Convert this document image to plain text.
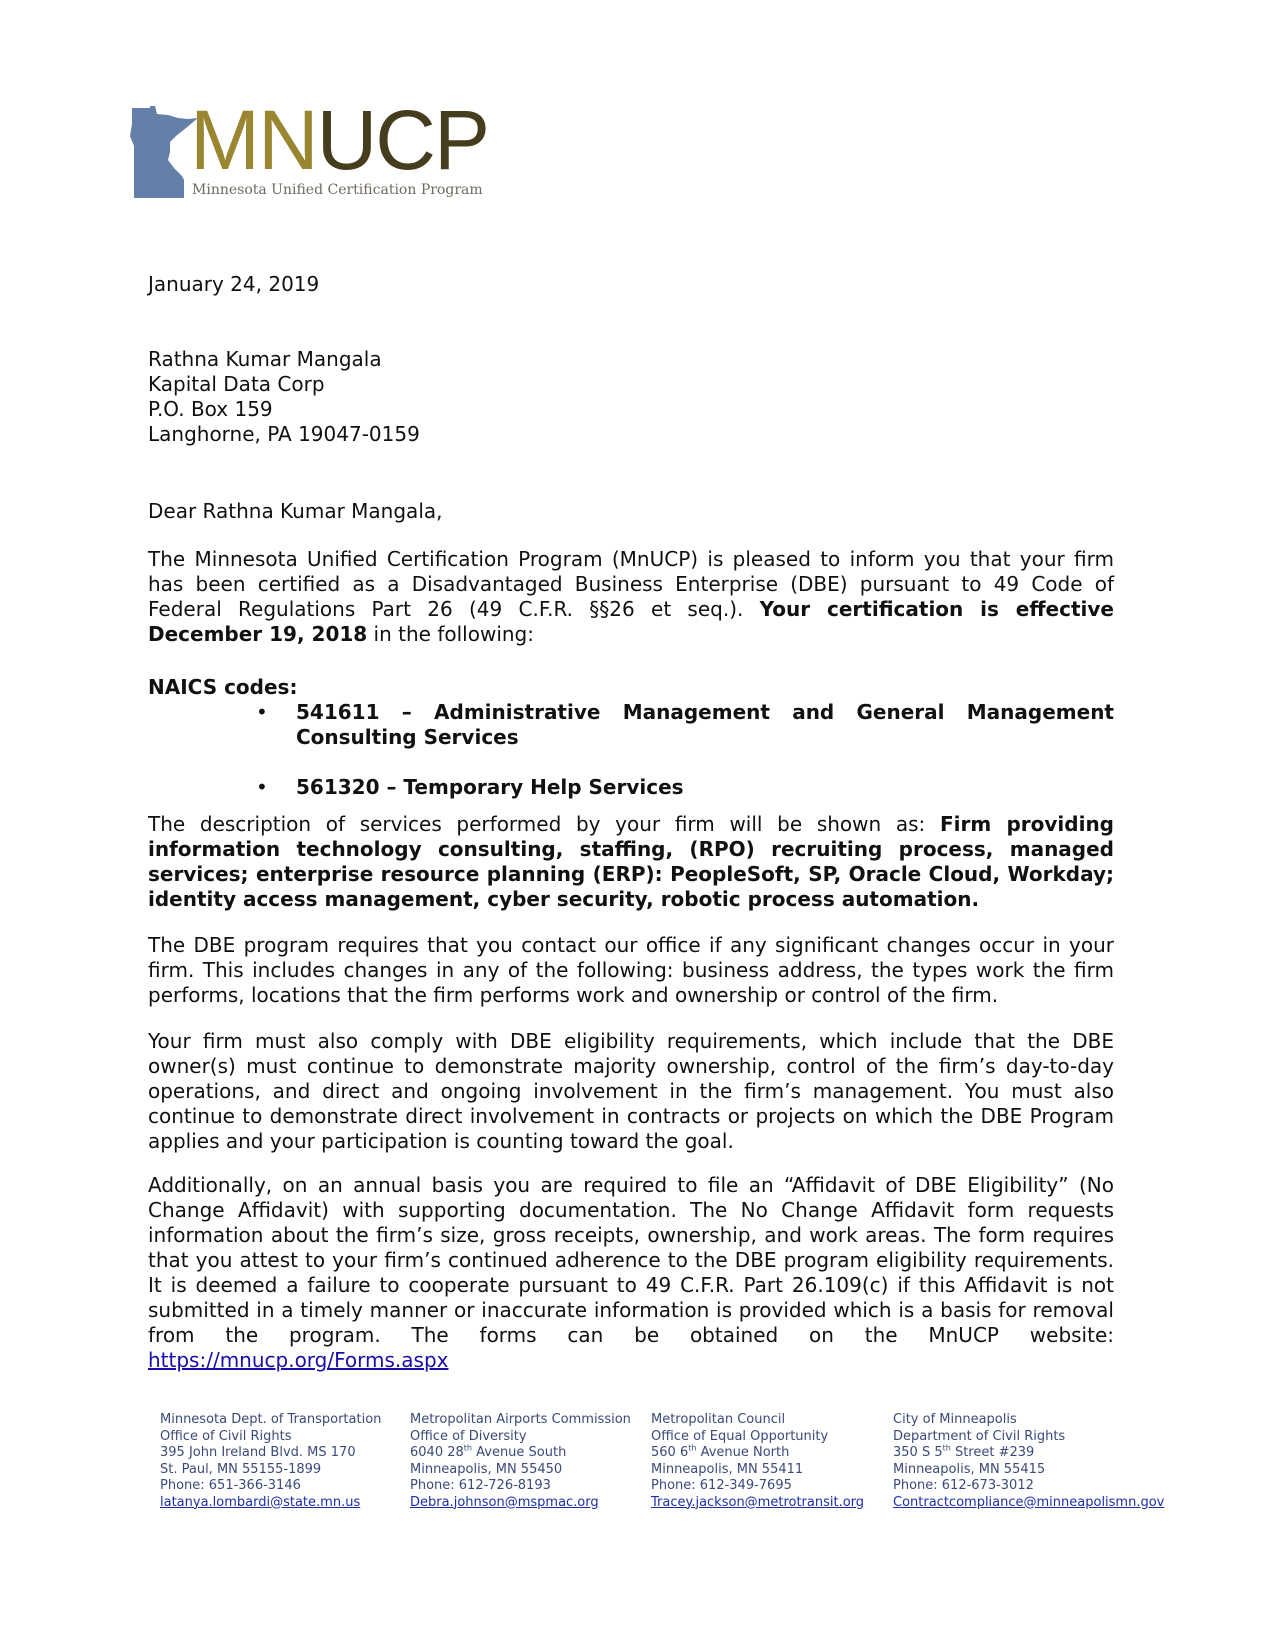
MNUCP
Minnesota Unified Certification Program
January 24, 2019
Rathna Kumar Mangala
Kapital Data Corp
P.O. Box 159
Langhorne, PA 19047-0159
Dear Rathna Kumar Mangala,
The Minnesota Unified Certification Program (MnUCP) is pleased to inform you that your firm has been certified as a Disadvantaged Business Enterprise (DBE) pursuant to 49 Code of Federal Regulations Part 26 (49 C.F.R. §§26 et seq.). Your certification is effective December 19, 2018 in the following:
NAICS codes:
• 541611 – Administrative Management and General Management Consulting Services
• 561320 – Temporary Help Services
The description of services performed by your firm will be shown as: Firm providing information technology consulting, staffing, (RPO) recruiting process, managed services; enterprise resource planning (ERP): PeopleSoft, SP, Oracle Cloud, Workday; identity access management, cyber security, robotic process automation.
The DBE program requires that you contact our office if any significant changes occur in your firm. This includes changes in any of the following: business address, the types work the firm performs, locations that the firm performs work and ownership or control of the firm.
Your firm must also comply with DBE eligibility requirements, which include that the DBE owner(s) must continue to demonstrate majority ownership, control of the firm’s day-to-day operations, and direct and ongoing involvement in the firm’s management. You must also continue to demonstrate direct involvement in contracts or projects on which the DBE Program applies and your participation is counting toward the goal.
Additionally, on an annual basis you are required to file an “Affidavit of DBE Eligibility” (No Change Affidavit) with supporting documentation. The No Change Affidavit form requests information about the firm’s size, gross receipts, ownership, and work areas. The form requires that you attest to your firm’s continued adherence to the DBE program eligibility requirements. It is deemed a failure to cooperate pursuant to 49 C.F.R. Part 26.109(c) if this Affidavit is not submitted in a timely manner or inaccurate information is provided which is a basis for removal from the program. The forms can be obtained on the MnUCP website: https://mnucp.org/Forms.aspx
Minnesota Dept. of Transportation
Office of Civil Rights
395 John Ireland Blvd. MS 170
St. Paul, MN 55155-1899
Phone: 651-366-3146
latanya.lombardi@state.mn.us
Metropolitan Airports Commission
Office of Diversity
6040 28th Avenue South
Minneapolis, MN 55450
Phone: 612-726-8193
Debra.johnson@mspmac.org
Metropolitan Council
Office of Equal Opportunity
560 6th Avenue North
Minneapolis, MN 55411
Phone: 612-349-7695
Tracey.jackson@metrotransit.org
City of Minneapolis
Department of Civil Rights
350 S 5th Street #239
Minneapolis, MN 55415
Phone: 612-673-3012
Contractcompliance@minneapolismn.gov
